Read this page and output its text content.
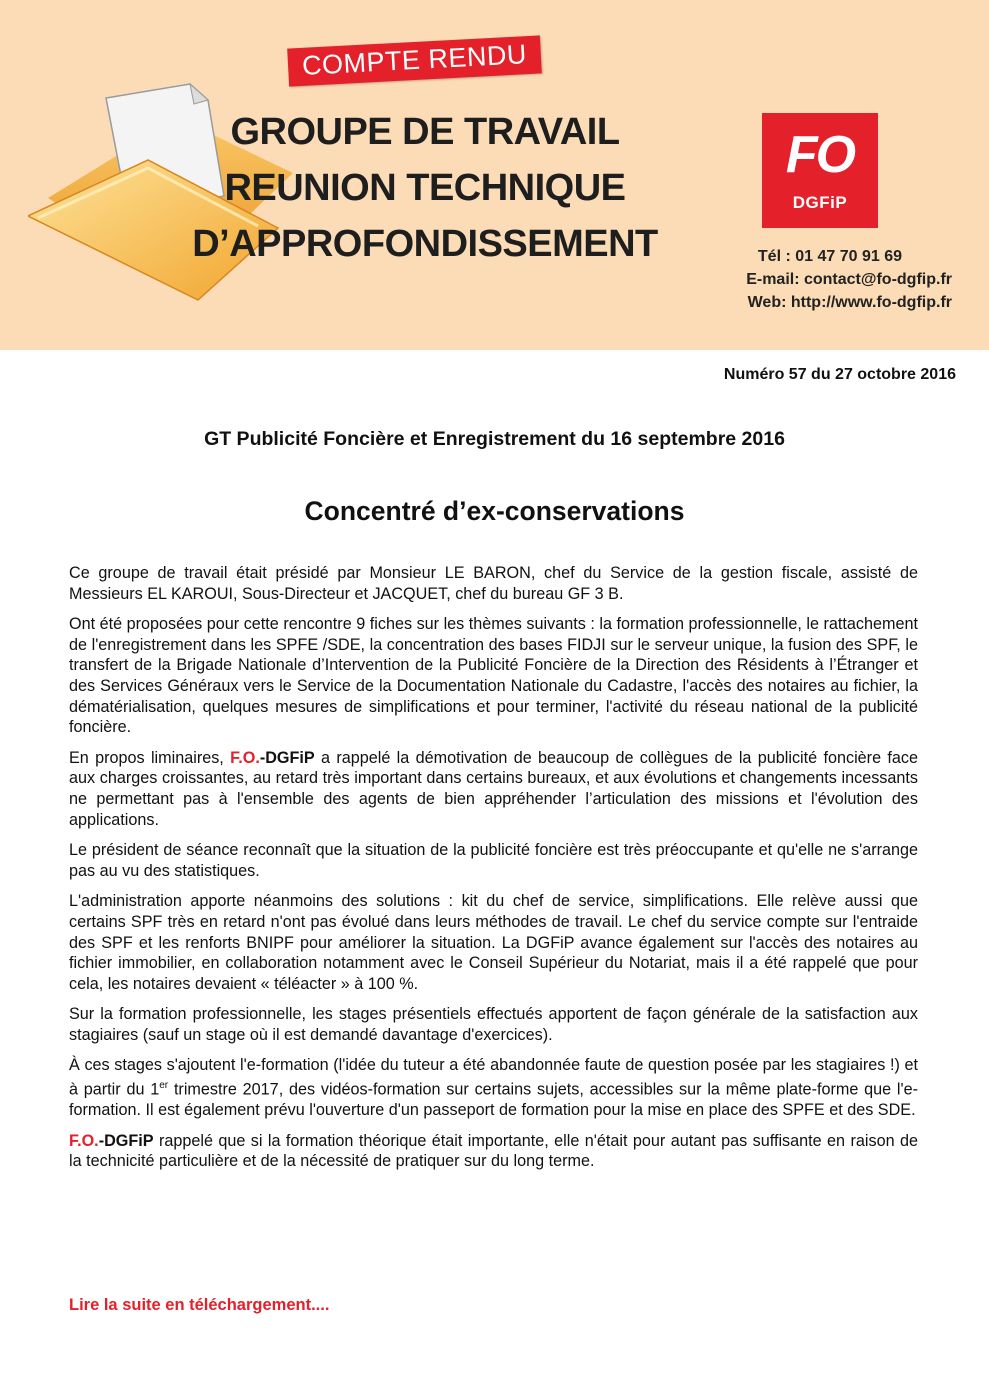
COMPTE RENDU
GROUPE DE TRAVAIL
REUNION TECHNIQUE
D’APPROFONDISSEMENT
FO
DGFiP
Tél : 01 47 70 91 69
E-mail: contact@fo-dgfip.fr
Web: http://www.fo-dgfip.fr
Numéro 57 du 27 octobre 2016
GT Publicité Foncière et Enregistrement du 16 septembre 2016
Concentré d’ex-conservations

Ce groupe de travail était présidé par Monsieur LE BARON, chef du Service de la gestion fiscale, assisté de Messieurs EL KAROUI, Sous-Directeur et JACQUET, chef du bureau GF 3 B.

Ont été proposées pour cette rencontre 9 fiches sur les thèmes suivants : la formation professionnelle, le rattachement de l'enregistrement dans les SPFE /SDE, la concentration des bases FIDJI sur le serveur unique, la fusion des SPF, le transfert de la Brigade Nationale d’Intervention de la Publicité Foncière de la Direction des Résidents à l’Étranger et des Services Généraux vers le Service de la Documentation Nationale du Cadastre, l'accès des notaires au fichier, la dématérialisation, quelques mesures de simplifications et pour terminer, l'activité du réseau national de la publicité foncière.

En propos liminaires, F.O.-DGFiP a rappelé la démotivation de beaucoup de collègues de la publicité foncière face aux charges croissantes, au retard très important dans certains bureaux, et aux évolutions et changements incessants ne permettant pas à l'ensemble des agents de bien appréhender l’articulation des missions et l'évolution des applications.

Le président de séance reconnaît que la situation de la publicité foncière est très préoccupante et qu'elle ne s'arrange pas au vu des statistiques.

L'administration apporte néanmoins des solutions : kit du chef de service, simplifications. Elle relève aussi que certains SPF très en retard n'ont pas évolué dans leurs méthodes de travail. Le chef du service compte sur l'entraide des SPF et les renforts BNIPF pour améliorer la situation. La DGFiP avance également sur l'accès des notaires au fichier immobilier, en collaboration notamment avec le Conseil Supérieur du Notariat, mais il a été rappelé que pour cela, les notaires devaient « téléacter » à 100 %.

Sur la formation professionnelle, les stages présentiels effectués apportent de façon générale de la satisfaction aux stagiaires (sauf un stage où il est demandé davantage d'exercices).

À ces stages s'ajoutent l'e-formation (l'idée du tuteur a été abandonnée faute de question posée par les stagiaires !) et à partir du 1er trimestre 2017, des vidéos-formation sur certains sujets, accessibles sur la même plate-forme que l'e-formation. Il est également prévu l'ouverture d'un passeport de formation pour la mise en place des SPFE et des SDE.

F.O.-DGFiP rappelé que si la formation théorique était importante, elle n'était pour autant pas suffisante en raison de la technicité particulière et de la nécessité de pratiquer sur du long terme.

Lire la suite en téléchargement....
